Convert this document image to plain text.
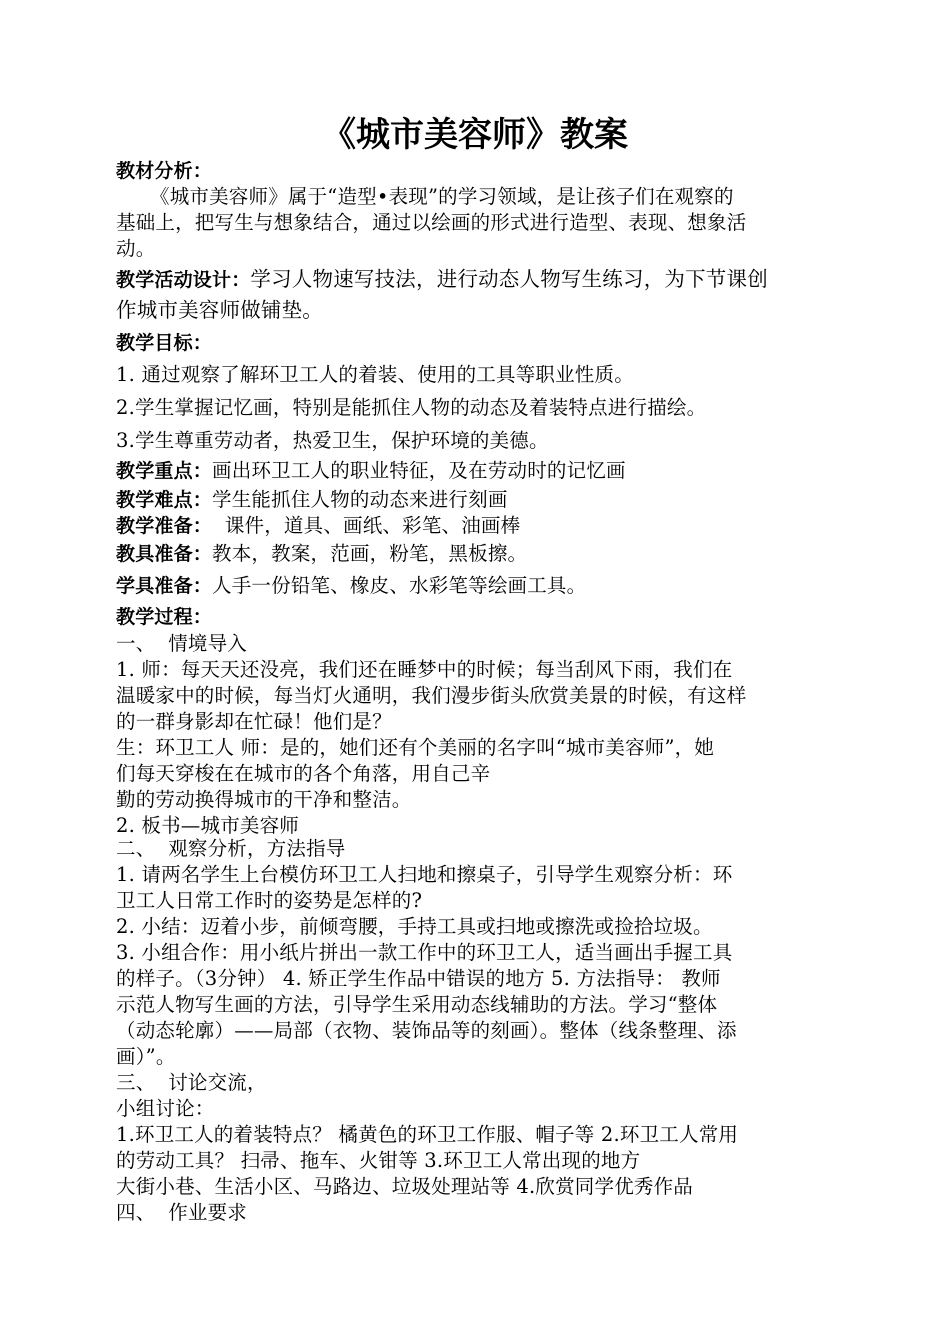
《城市美容师》教案
教材分析：
《城市美容师》属于“造型•表现”的学习领域，是让孩子们在观察的
基础上，把写生与想象结合，通过以绘画的形式进行造型、表现、想象活
动。
教学活动设计：学习人物速写技法，进行动态人物写生练习，为下节课创
作城市美容师做铺垫。
教学目标：
1. 通过观察了解环卫工人的着装、使用的工具等职业性质。
2.学生掌握记忆画，特别是能抓住人物的动态及着装特点进行描绘。
3.学生尊重劳动者，热爱卫生，保护环境的美德。
教学重点：画出环卫工人的职业特征，及在劳动时的记忆画
教学难点：学生能抓住人物的动态来进行刻画
教学准备：  课件，道具、画纸、彩笔、油画棒
教具准备：教本，教案，范画，粉笔，黑板擦。
学具准备：人手一份铅笔、橡皮、水彩笔等绘画工具。
教学过程：
一、  情境导入
1. 师：每天天还没亮，我们还在睡梦中的时候；每当刮风下雨，我们在
温暖家中的时候，每当灯火通明，我们漫步街头欣赏美景的时候，有这样
的一群身影却在忙碌！他们是？
生：环卫工人 师：是的，她们还有个美丽的名字叫“城市美容师”，她
们每天穿梭在在城市的各个角落，用自己辛
勤的劳动换得城市的干净和整洁。
2. 板书—城市美容师
二、  观察分析，方法指导
1. 请两名学生上台模仿环卫工人扫地和擦桌子，引导学生观察分析：环
卫工人日常工作时的姿势是怎样的?
2. 小结：迈着小步，前倾弯腰，手持工具或扫地或擦洗或捡拾垃圾。
3. 小组合作：用小纸片拼出一款工作中的环卫工人，适当画出手握工具
的样子。（3分钟） 4. 矫正学生作品中错误的地方 5. 方法指导： 教师
示范人物写生画的方法，引导学生采用动态线辅助的方法。学习“整体
（动态轮廓）——局部（衣物、装饰品等的刻画）。整体（线条整理、添
画）”。
三、  讨论交流，
小组讨论：
1.环卫工人的着装特点？ 橘黄色的环卫工作服、帽子等 2.环卫工人常用
的劳动工具？ 扫帚、拖车、火钳等 3.环卫工人常出现的地方
大街小巷、生活小区、马路边、垃圾处理站等 4.欣赏同学优秀作品
四、  作业要求
